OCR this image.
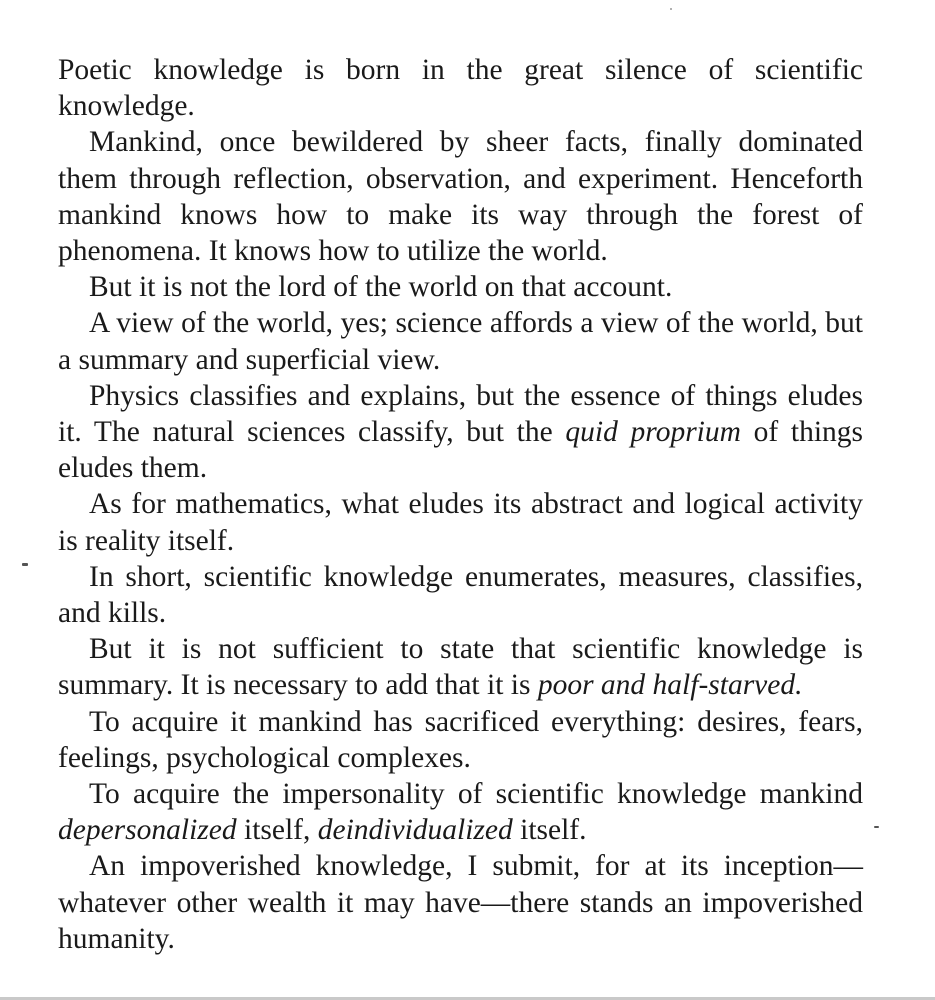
Poetic knowledge is born in the great silence of scientific knowledge.

Mankind, once bewildered by sheer facts, finally dominated them through reflection, observation, and experiment. Henceforth mankind knows how to make its way through the forest of phenomena. It knows how to utilize the world.

But it is not the lord of the world on that account.

A view of the world, yes; science affords a view of the world, but a summary and superficial view.

Physics classifies and explains, but the essence of things eludes it. The natural sciences classify, but the quid proprium of things eludes them.

As for mathematics, what eludes its abstract and logical activity is reality itself.

In short, scientific knowledge enumerates, measures, classifies, and kills.

But it is not sufficient to state that scientific knowledge is summary. It is necessary to add that it is poor and half-starved.

To acquire it mankind has sacrificed everything: desires, fears, feelings, psychological complexes.

To acquire the impersonality of scientific knowledge mankind depersonalized itself, deindividualized itself.

An impoverished knowledge, I submit, for at its inception—whatever other wealth it may have—there stands an impoverished humanity.
